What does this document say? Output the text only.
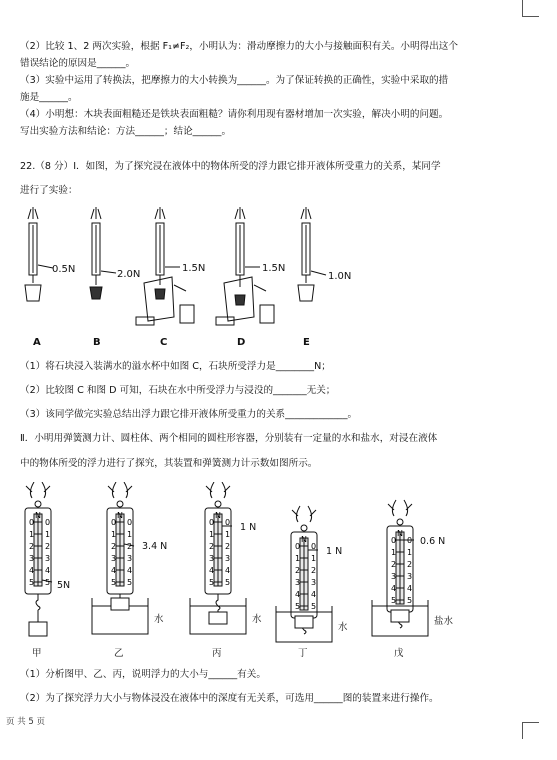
（2）比较 1、2 两次实验，根据 F₁≠F₂，小明认为：滑动摩擦力的大小与接触面积有关。小明得出这个
错误结论的原因是______。
（3）实验中运用了转换法，把摩擦力的大小转换为______。为了保证转换的正确性，实验中采取的措
施是______。
（4）小明想：木块表面粗糙还是铁块表面粗糙？请你利用现有器材增加一次实验，解决小明的问题。
写出实验方法和结论：方法______；结论______。
22.（8 分）Ⅰ．如图，为了探究浸在液体中的物体所受的浮力跟它排开液体所受重力的关系，某同学
进行了实验：
0.5N	2.0N
1.5N	1.5N
1.0N
A	B	C	D	E
（1）将石块浸入装满水的溢水杯中如图 C，石块所受浮力是________N；
（2）比较图 C 和图 D 可知，石块在水中所受浮力与浸没的_______无关；
（3）该同学做完实验总结出浮力跟它排开液体所受重力的关系_____________。
Ⅱ．小明用弹簧测力计、圆柱体、两个相同的圆柱形容器，分别装有一定量的水和盐水，对浸在液体
中的物体所受的浮力进行了探究，其装置和弹簧测力计示数如图所示。
0 0
1 1
2 2
3 3
4 4
5 5
N
0 0
1 1
2 2
3 3
4 4
5 5
N
0 0
1 1
2 2
3 3
4 4
5 5
N
0 0
1 1
2 2
3 3
4 4
5 5
N	0 0
1 1
2 2
3 3
4 4
5 5
N
5N
3.4 N
1 N
1 N
0.6 N
水	水
水
盐水
甲	乙	丙	丁	戊
（1）分析图甲、乙、丙，说明浮力的大小与______有关。
（2）为了探究浮力大小与物体浸没在液体中的深度有无关系，可选用______图的装置来进行操作。
页 共 5 页
